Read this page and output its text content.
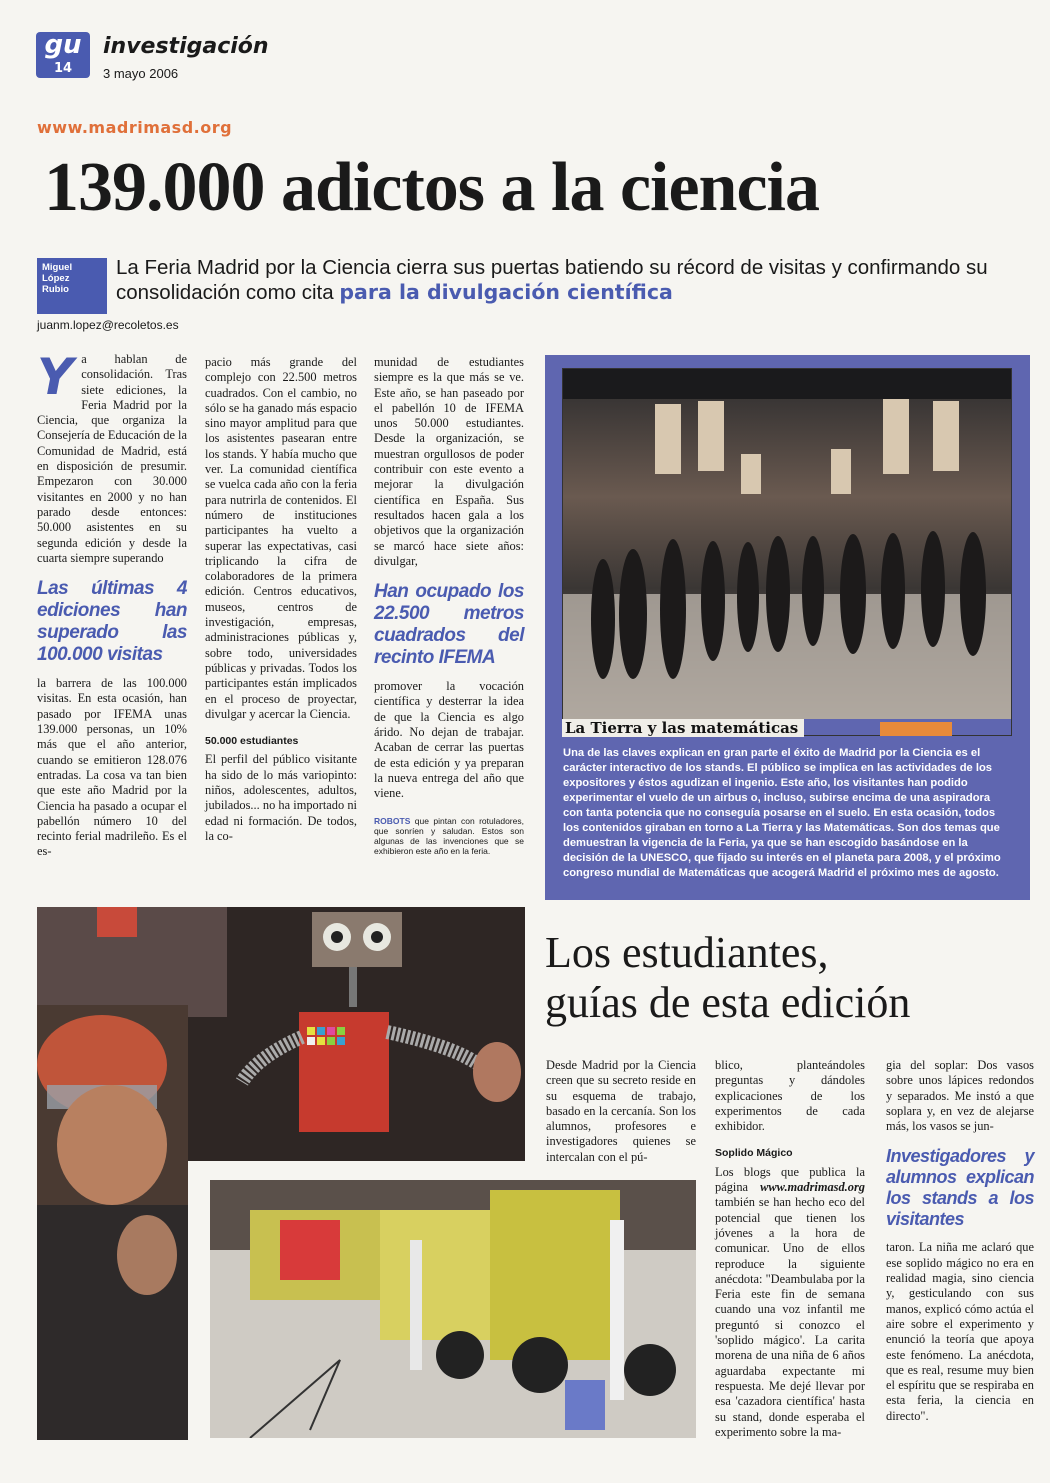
gu
14
investigación
3 mayo 2006
www.madrimasd.org
139.000 adictos a la ciencia
Miguel
López
Rubio
La Feria Madrid por la Ciencia cierra sus puertas batiendo su récord de visitas y confirmando su consolidación como cita para la divulgación científica
juanm.lopez@recoletos.es
Y a hablan de consolidación. Tras siete ediciones, la Feria Madrid por la Ciencia, que organiza la Consejería de Educación de la Comunidad de Madrid, está en disposición de presumir. Empezaron con 30.000 visitantes en 2000 y no han parado desde entonces: 50.000 asistentes en su segunda edición y desde la cuarta siempre superando

Las últimas 4 ediciones han superado las 100.000 visitas

la barrera de las 100.000 visitas. En esta ocasión, han pasado por IFEMA unas 139.000 personas, un 10% más que el año anterior, cuando se emitieron 128.076 entradas. La cosa va tan bien que este año Madrid por la Ciencia ha pasado a ocupar el pabellón número 10 del recinto ferial madrileño. Es el es-

pacio más grande del complejo con 22.500 metros cuadrados. Con el cambio, no sólo se ha ganado más espacio sino mayor amplitud para que los asistentes pasearan entre los stands. Y había mucho que ver. La comunidad científica se vuelca cada año con la feria para nutrirla de contenidos. El número de instituciones participantes ha vuelto a superar las expectativas, casi triplicando la cifra de colaboradores de la primera edición. Centros educativos, museos, centros de investigación, empresas, administraciones públicas y, sobre todo, universidades públicas y privadas. Todos los participantes están implicados en el proceso de proyectar, divulgar y acercar la Ciencia.

50.000 estudiantes

El perfil del público visitante ha sido de lo más variopinto: niños, adolescentes, adultos, jubilados... no ha importado ni edad ni formación. De todos, la co-

munidad de estudiantes siempre es la que más se ve. Este año, se han paseado por el pabellón 10 de IFEMA unos 50.000 estudiantes. Desde la organización, se muestran orgullosos de poder contribuir con este evento a mejorar la divulgación científica en España. Sus resultados hacen gala a los objetivos que la organización se marcó hace siete años: divulgar,

Han ocupado los 22.500 metros cuadrados del recinto IFEMA

promover la vocación científica y desterrar la idea de que la Ciencia es algo árido. No dejan de trabajar. Acaban de cerrar las puertas de esta edición y ya preparan la nueva entrega del año que viene.

ROBOTS que pintan con rotuladores, que sonríen y saludan. Estos son algunas de las invenciones que se exhibieron este año en la feria.
La Tierra y las matemáticas
Una de las claves explican en gran parte el éxito de Madrid por la Ciencia es el carácter interactivo de los stands. El público se implica en las actividades de los expositores y éstos agudizan el ingenio. Este año, los visitantes han podido experimentar el vuelo de un airbus o, incluso, subirse encima de una aspiradora con tanta potencia que no conseguía posarse en el suelo. En esta ocasión, todos los contenidos giraban en torno a La Tierra y las Matemáticas. Son dos temas que demuestran la vigencia de la Feria, ya que se han escogido basándose en la decisión de la UNESCO, que fijado su interés en el planeta para 2008, y el próximo congreso mundial de Matemáticas que acogerá Madrid el próximo mes de agosto.
Los estudiantes,
guías de esta edición

Desde Madrid por la Ciencia creen que su secreto reside en su esquema de trabajo, basado en la cercanía. Son los alumnos, profesores e investigadores quienes se intercalan con el pú-

blico, planteándoles preguntas y dándoles explicaciones de los experimentos de cada exhibidor.

Soplido Mágico

Los blogs que publica la página www.madrimasd.org también se han hecho eco del potencial que tienen los jóvenes a la hora de comunicar. Uno de ellos reproduce la siguiente anécdota: "Deambulaba por la Feria este fin de semana cuando una voz infantil me preguntó si conozco el 'soplido mágico'. La carita morena de una niña de 6 años aguardaba expectante mi respuesta. Me dejé llevar por esa 'cazadora científica' hasta su stand, donde esperaba el experimento sobre la ma-

gia del soplar: Dos vasos sobre unos lápices redondos y separados. Me instó a que soplara y, en vez de alejarse más, los vasos se jun-

Investigadores y alumnos explican los stands a los visitantes

taron. La niña me aclaró que ese soplido mágico no era en realidad magia, sino ciencia y, gesticulando con sus manos, explicó cómo actúa el aire sobre el experimento y enunció la teoría que apoya este fenómeno. La anécdota, que es real, resume muy bien el espíritu que se respiraba en esta feria, la ciencia en directo".
